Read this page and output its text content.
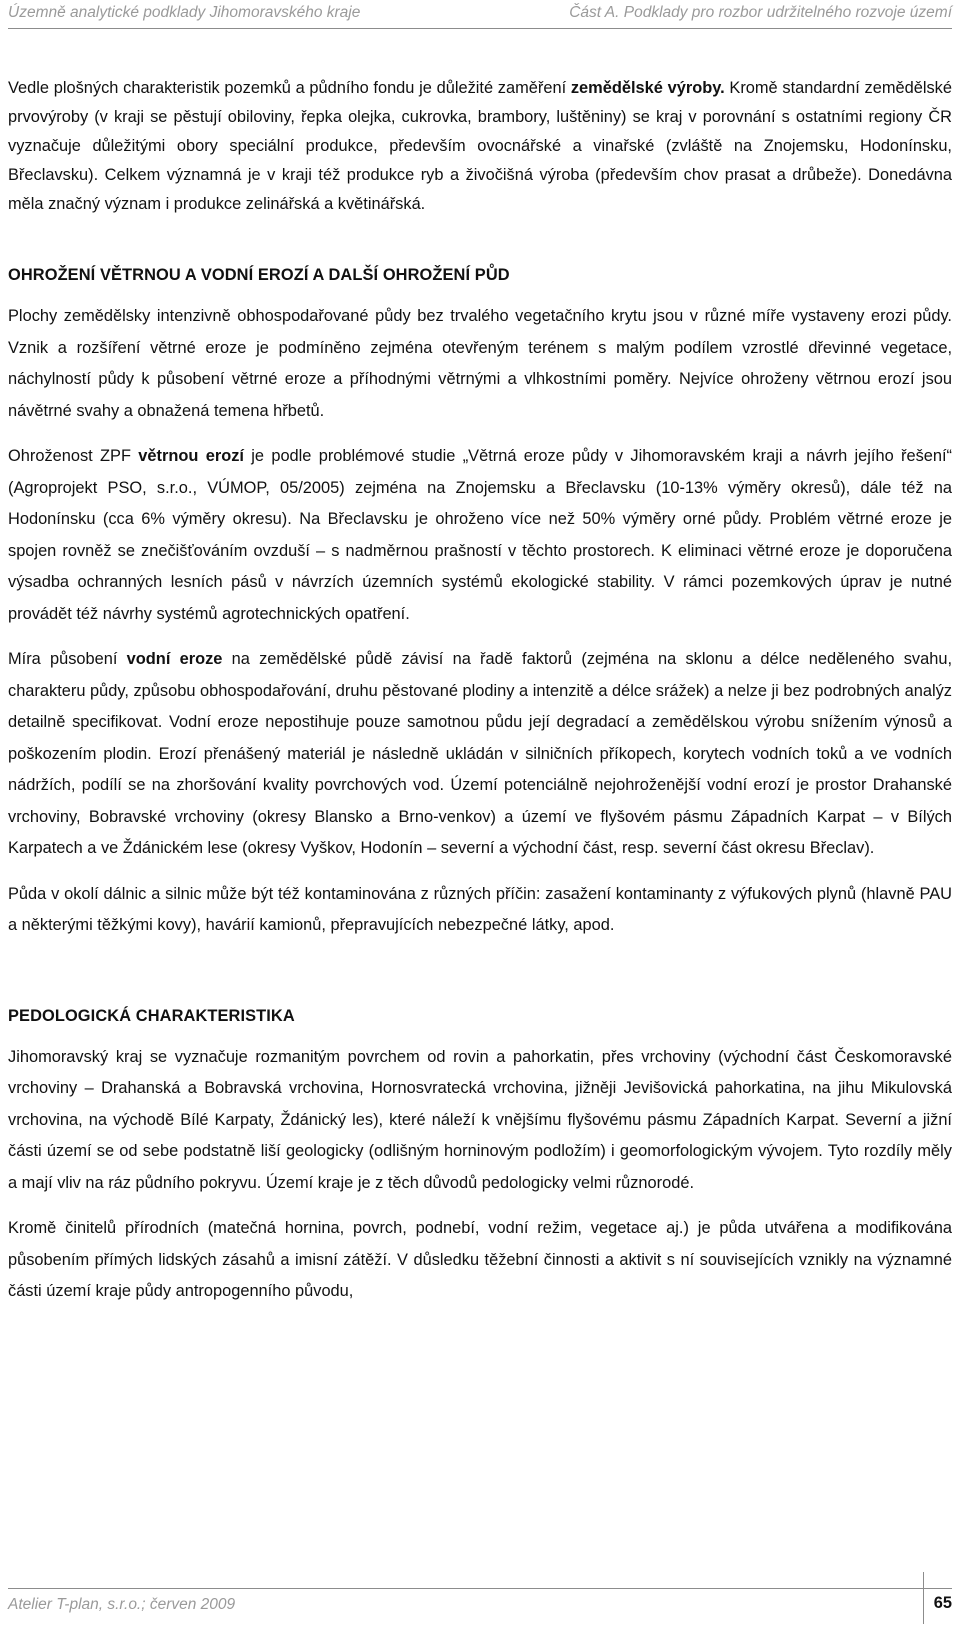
Územně analytické podklady Jihomoravského kraje	Část A. Podklady pro rozbor udržitelného rozvoje území

Vedle plošných charakteristik pozemků a půdního fondu je důležité zaměření zemědělské výroby. Kromě standardní zemědělské prvovýroby (v kraji se pěstují obiloviny, řepka olejka, cukrovka, brambory, luštěniny) se kraj v porovnání s ostatními regiony ČR vyznačuje důležitými obory speciální produkce, především ovocnářské a vinařské (zvláště na Znojemsku, Hodonínsku, Břeclavsku). Celkem významná je v kraji též produkce ryb a živočišná výroba (především chov prasat a drůbeže). Donedávna měla značný význam i produkce zelinářská a květinářská.

OHROŽENÍ VĚTRNOU A VODNÍ EROZÍ A DALŠÍ OHROŽENÍ PŮD

Plochy zemědělsky intenzivně obhospodařované půdy bez trvalého vegetačního krytu jsou v různé míře vystaveny erozi půdy. Vznik a rozšíření větrné eroze je podmíněno zejména otevřeným terénem s malým podílem vzrostlé dřevinné vegetace, náchylností půdy k působení větrné eroze a příhodnými větrnými a vlhkostními poměry. Nejvíce ohroženy větrnou erozí jsou návětrné svahy a obnažená temena hřbetů.

Ohroženost ZPF větrnou erozí je podle problémové studie „Větrná eroze půdy v Jihomoravském kraji a návrh jejího řešení“ (Agroprojekt PSO, s.r.o., VÚMOP, 05/2005) zejména na Znojemsku a Břeclavsku (10-13% výměry okresů), dále též na Hodonínsku (cca 6% výměry okresu). Na Břeclavsku je ohroženo více než 50% výměry orné půdy. Problém větrné eroze je spojen rovněž se znečišťováním ovzduší – s nadměrnou prašností v těchto prostorech. K eliminaci větrné eroze je doporučena výsadba ochranných lesních pásů v návrzích územních systémů ekologické stability. V rámci pozemkových úprav je nutné provádět též návrhy systémů agrotechnických opatření.

Míra působení vodní eroze na zemědělské půdě závisí na řadě faktorů (zejména na sklonu a délce neděleného svahu, charakteru půdy, způsobu obhospodařování, druhu pěstované plodiny a intenzitě a délce srážek) a nelze ji bez podrobných analýz detailně specifikovat. Vodní eroze nepostihuje pouze samotnou půdu její degradací a zemědělskou výrobu snížením výnosů a poškozením plodin. Erozí přenášený materiál je následně ukládán v silničních příkopech, korytech vodních toků a ve vodních nádržích, podílí se na zhoršování kvality povrchových vod. Území potenciálně nejohroženější vodní erozí je prostor Drahanské vrchoviny, Bobravské vrchoviny (okresy Blansko a Brno-venkov) a území ve flyšovém pásmu Západních Karpat – v Bílých Karpatech a ve Ždánickém lese (okresy Vyškov, Hodonín – severní a východní část, resp. severní část okresu Břeclav).

Půda v okolí dálnic a silnic může být též kontaminována z různých příčin: zasažení kontaminanty z výfukových plynů (hlavně PAU a některými těžkými kovy), havárií kamionů, přepravujících nebezpečné látky, apod.

PEDOLOGICKÁ CHARAKTERISTIKA

Jihomoravský kraj se vyznačuje rozmanitým povrchem od rovin a pahorkatin, přes vrchoviny (východní část Českomoravské vrchoviny – Drahanská a Bobravská vrchovina, Hornosvratecká vrchovina, jižněji Jevišovická pahorkatina, na jihu Mikulovská vrchovina, na východě Bílé Karpaty, Ždánický les), které náleží k vnějšímu flyšovému pásmu Západních Karpat. Severní a jižní části území se od sebe podstatně liší geologicky (odlišným horninovým podložím) i geomorfologickým vývojem. Tyto rozdíly měly a mají vliv na ráz půdního pokryvu. Území kraje je z těch důvodů pedologicky velmi různorodé.

Kromě činitelů přírodních (matečná hornina, povrch, podnebí, vodní režim, vegetace aj.) je půda utvářena a modifikována působením přímých lidských zásahů a imisní zátěží. V důsledku těžební činnosti a aktivit s ní souvisejících vznikly na významné části území kraje půdy antropogenního původu,

Atelier T-plan, s.r.o.; červen 2009	65
